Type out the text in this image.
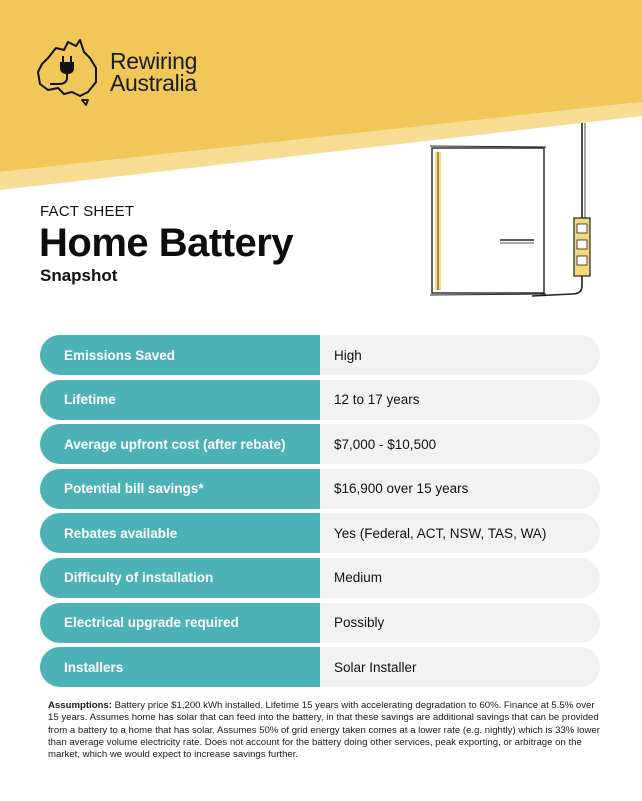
Rewiring
Australia
FACT SHEET
Home Battery
Snapshot
Emissions Saved	High
Lifetime	12 to 17 years
Average upfront cost (after rebate)	$7,000 - $10,500
Potential bill savings*	$16,900 over 15 years
Rebates available	Yes (Federal, ACT, NSW, TAS, WA)
Difficulty of installation	Medium
Electrical upgrade required	Possibly
Installers	Solar Installer
Assumptions: Battery price $1,200 kWh installed. Lifetime 15 years with accelerating degradation to 60%. Finance at 5.5% over 15 years. Assumes home has solar that can feed into the battery, in that these savings are additional savings that can be provided from a battery to a home that has solar. Assumes 50% of grid energy taken comes at a lower rate (e.g. nightly) which is 33% lower than average volume electricity rate. Does not account for the battery doing other services, peak exporting, or arbitrage on the market, which we would expect to increase savings further.
